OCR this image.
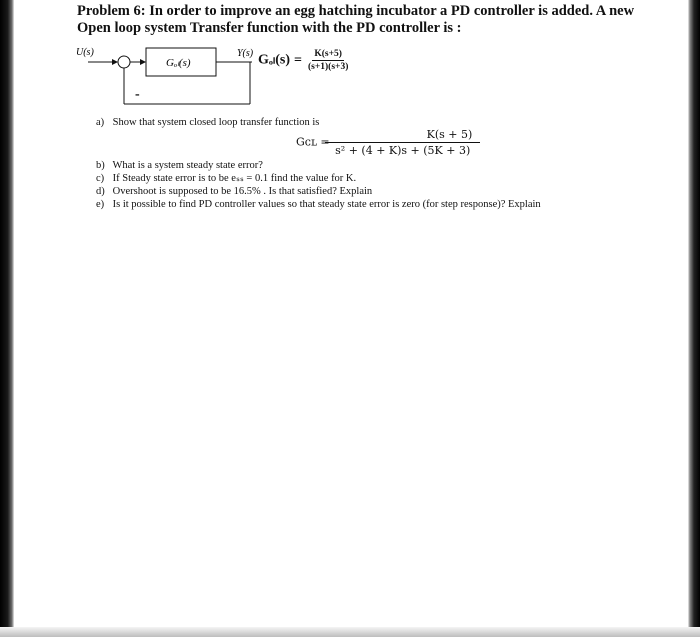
Problem 6: In order to improve an egg hatching incubator a PD controller is added. A new Open loop system Transfer function with the PD controller is :
U(s)
Gₒₗ(s)
Y(s)
-
$G_{ol}(s) = \frac{K(s+5)}{(s+1)(s+3)}$
a) Show that system closed loop transfer function is
Gᴄʟ = $\frac{K(s + 5)}{\text{s² + (4 + K)s + (5K + 3)}}$
b) What is a system steady state error?
c) If Steady state error is to be eₛₛ = 0.1 find the value for K.
d) Overshoot is supposed to be 16.5% . Is that satisfied? Explain
e) Is it possible to find PD controller values so that steady state error is zero (for step response)? Explain
